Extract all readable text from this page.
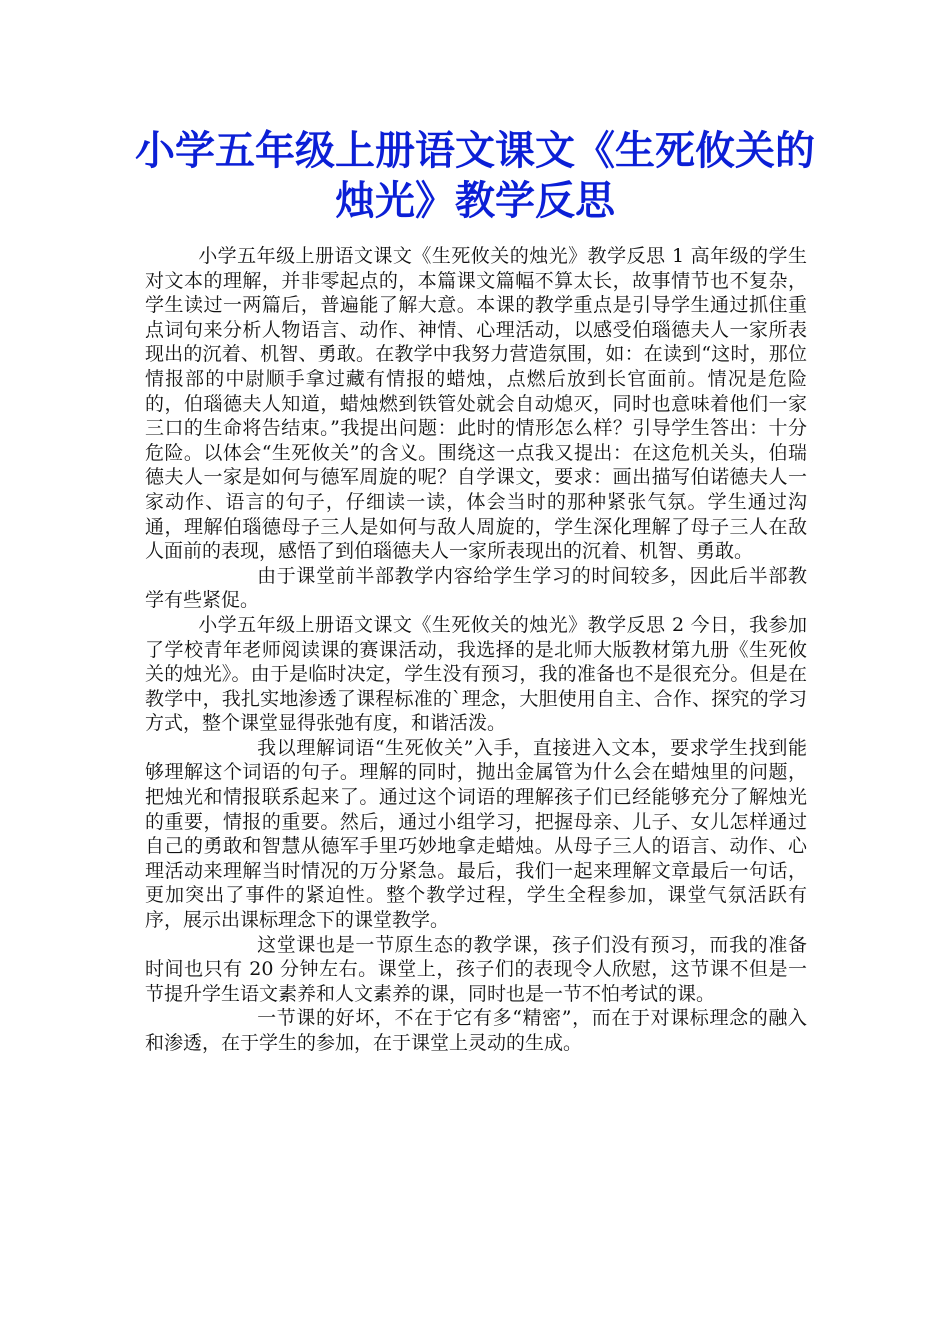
小学五年级上册语文课文《生死攸关的烛光》教学反思

小学五年级上册语文课文《生死攸关的烛光》教学反思 1 高年级的学生对文本的理解，并非零起点的，本篇课文篇幅不算太长，故事情节也不复杂，学生读过一两篇后，普遍能了解大意。本课的教学重点是引导学生通过抓住重点词句来分析人物语言、动作、神情、心理活动，以感受伯瑙德夫人一家所表现出的沉着、机智、勇敢。在教学中我努力营造氛围，如：在读到“这时，那位情报部的中尉顺手拿过藏有情报的蜡烛，点燃后放到长官面前。情况是危险的，伯瑙德夫人知道，蜡烛燃到铁管处就会自动熄灭，同时也意味着他们一家三口的生命将告结束。”我提出问题：此时的情形怎么样？引导学生答出：十分危险。以体会“生死攸关”的含义。围绕这一点我又提出：在这危机关头，伯瑞德夫人一家是如何与德军周旋的呢？自学课文，要求：画出描写伯诺德夫人一家动作、语言的句子，仔细读一读，体会当时的那种紧张气氛。学生通过沟通，理解伯瑙德母子三人是如何与敌人周旋的，学生深化理解了母子三人在敌人面前的表现，感悟了到伯瑙德夫人一家所表现出的沉着、机智、勇敢。

由于课堂前半部教学内容给学生学习的时间较多，因此后半部教学有些紧促。

小学五年级上册语文课文《生死攸关的烛光》教学反思 2 今日，我参加了学校青年老师阅读课的赛课活动，我选择的是北师大版教材第九册《生死攸关的烛光》。由于是临时决定，学生没有预习，我的准备也不是很充分。但是在教学中，我扎实地渗透了课程标准的`理念，大胆使用自主、合作、探究的学习方式，整个课堂显得张弛有度，和谐活泼。

我以理解词语“生死攸关”入手，直接进入文本，要求学生找到能够理解这个词语的句子。理解的同时，抛出金属管为什么会在蜡烛里的问题，把烛光和情报联系起来了。通过这个词语的理解孩子们已经能够充分了解烛光的重要，情报的重要。然后，通过小组学习，把握母亲、儿子、女儿怎样通过自己的勇敢和智慧从德军手里巧妙地拿走蜡烛。从母子三人的语言、动作、心理活动来理解当时情况的万分紧急。最后，我们一起来理解文章最后一句话，更加突出了事件的紧迫性。整个教学过程，学生全程参加，课堂气氛活跃有序，展示出课标理念下的课堂教学。

这堂课也是一节原生态的教学课，孩子们没有预习，而我的准备时间也只有 20 分钟左右。课堂上，孩子们的表现令人欣慰，这节课不但是一节提升学生语文素养和人文素养的课，同时也是一节不怕考试的课。

一节课的好坏，不在于它有多“精密”，而在于对课标理念的融入和渗透，在于学生的参加，在于课堂上灵动的生成。
